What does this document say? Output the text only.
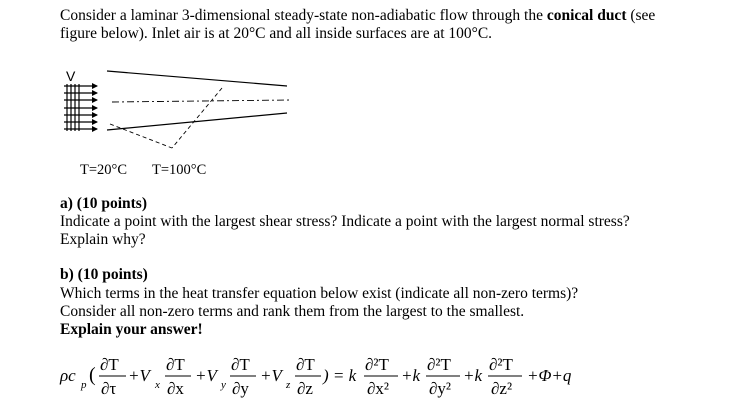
Consider a laminar 3-dimensional steady-state non-adiabatic flow through the conical duct (see
figure below). Inlet air is at 20°C and all inside surfaces are at 100°C.
V
T=20°C T=100°C
a) (10 points)
Indicate a point with the largest shear stress? Indicate a point with the largest normal stress?
Explain why?
b) (10 points)
Which terms in the heat transfer equation below exist (indicate all non-zero terms)?
Consider all non-zero terms and rank them from the largest to the smallest.
Explain your answer!
ρc p ( ∂T
∂τ
+V x
∂T
∂x
+V y
∂T
∂y
+V z
∂T
∂z
) = k
∂²T
∂x²
+k
∂²T
∂y²
+k
∂²T
∂z²
+Φ+q
